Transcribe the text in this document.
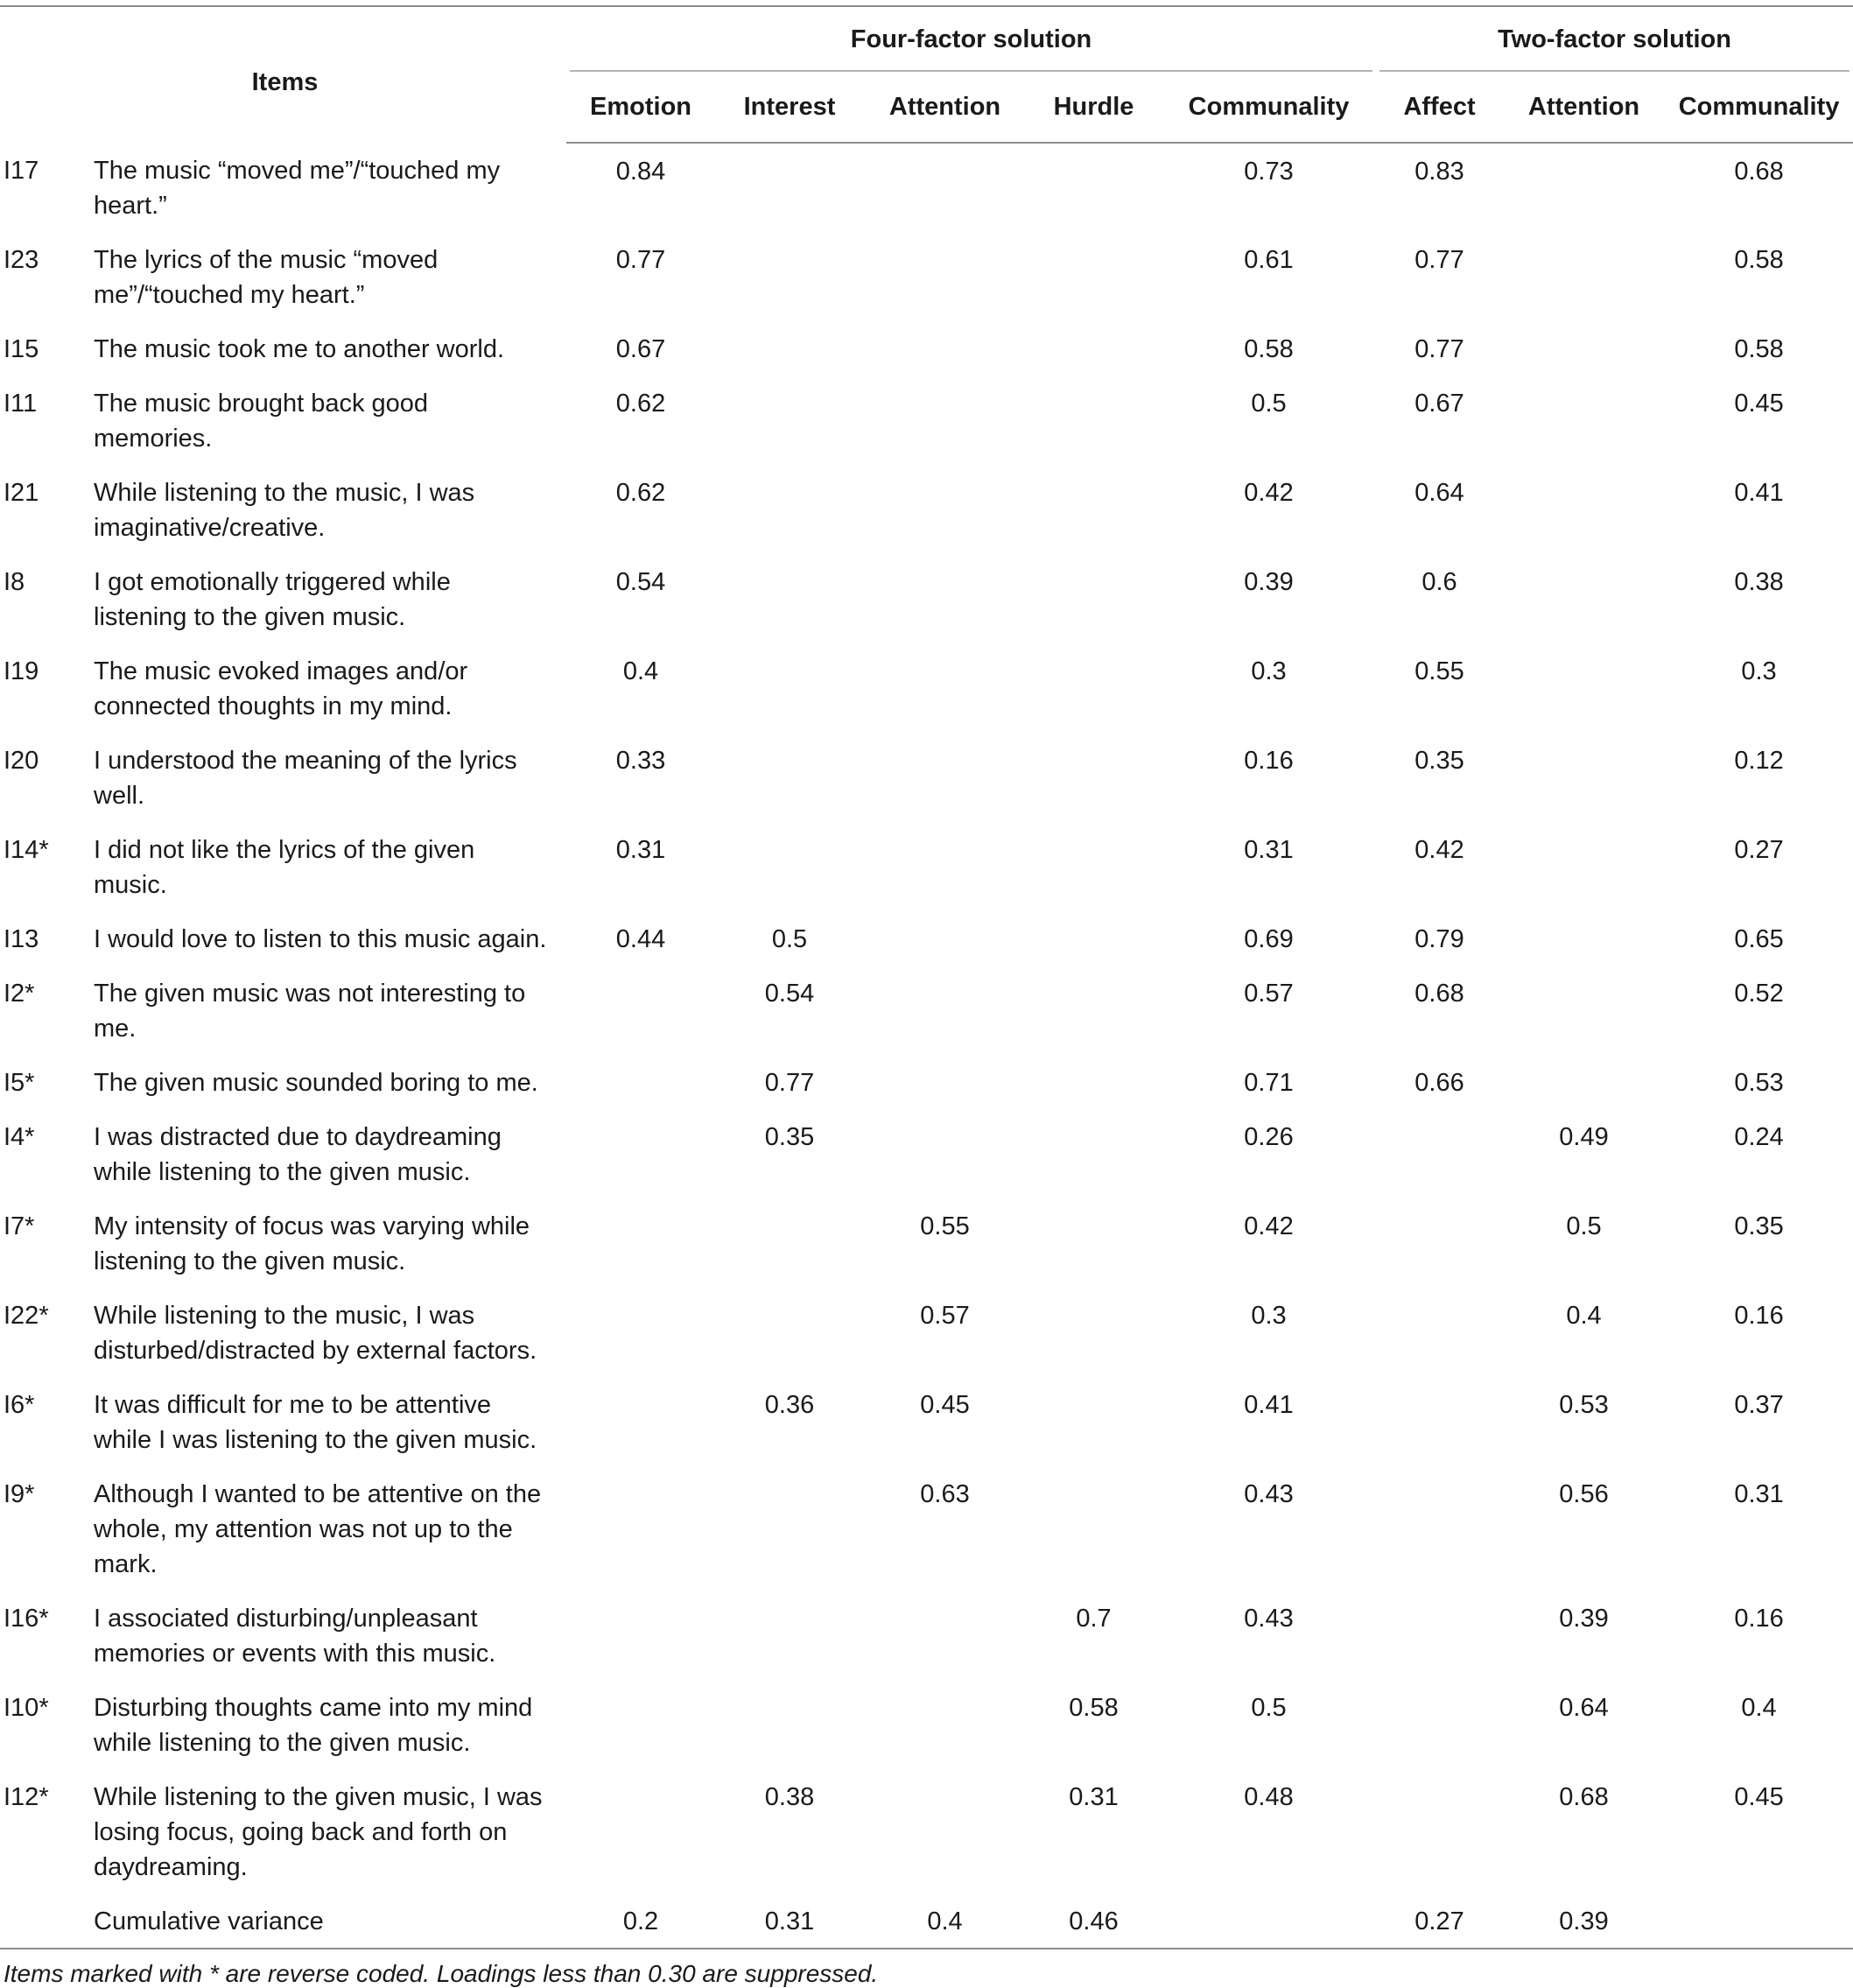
Items		Four-factor solution					Two-factor solution		

		Emotion	Interest	Attention	Hurdle	Communality	Affect	Attention	Communality
I17	The music “moved me”/“touched my heart.”	0.84				0.73	0.83		0.68
I23	The lyrics of the music “moved me”/“touched my heart.”	0.77				0.61	0.77		0.58
I15	The music took me to another world.	0.67				0.58	0.77		0.58
I11	The music brought back good memories.	0.62				0.5	0.67		0.45
I21	While listening to the music, I was imaginative/creative.	0.62				0.42	0.64		0.41
I8	I got emotionally triggered while listening to the given music.	0.54				0.39	0.6		0.38
I19	The music evoked images and/or connected thoughts in my mind.	0.4				0.3	0.55		0.3
I20	I understood the meaning of the lyrics well.	0.33				0.16	0.35		0.12
I14*	I did not like the lyrics of the given music.	0.31				0.31	0.42		0.27
I13	I would love to listen to this music again.	0.44	0.5			0.69	0.79		0.65
I2*	The given music was not interesting to me.		0.54			0.57	0.68		0.52
I5*	The given music sounded boring to me.		0.77			0.71	0.66		0.53
I4*	I was distracted due to daydreaming while listening to the given music.		0.35			0.26		0.49	0.24
I7*	My intensity of focus was varying while listening to the given music.			0.55		0.42		0.5	0.35
I22*	While listening to the music, I was disturbed/distracted by external factors.			0.57		0.3		0.4	0.16
I6*	It was difficult for me to be attentive while I was listening to the given music.		0.36	0.45		0.41		0.53	0.37
I9*	Although I wanted to be attentive on the whole, my attention was not up to the mark.			0.63		0.43		0.56	0.31
I16*	I associated disturbing/unpleasant memories or events with this music.				0.7	0.43		0.39	0.16
I10*	Disturbing thoughts came into my mind while listening to the given music.				0.58	0.5		0.64	0.4
I12*	While listening to the given music, I was losing focus, going back and forth on daydreaming.		0.38		0.31	0.48		0.68	0.45
	Cumulative variance	0.2	0.31	0.4	0.46		0.27	0.39	
Items marked with * are reverse coded. Loadings less than 0.30 are suppressed.
